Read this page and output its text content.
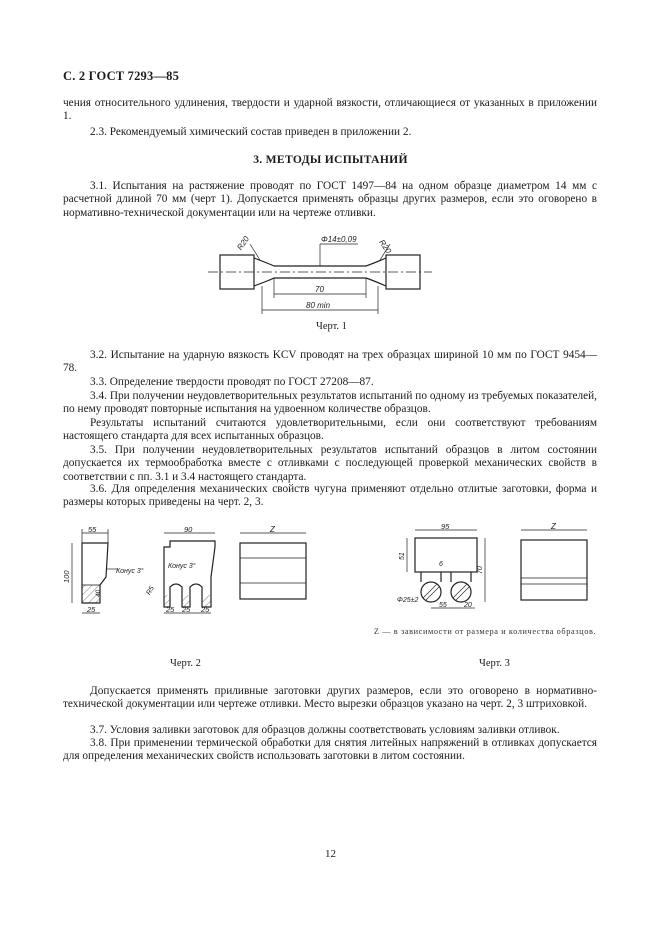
С. 2 ГОСТ 7293—85
чения относительного удлинения, твердости и ударной вязкости, отличающиеся от указанных в приложении 1.
2.3. Рекомендуемый химический состав приведен в приложении 2.
3. МЕТОДЫ ИСПЫТАНИЙ
3.1. Испытания на растяжение проводят по ГОСТ 1497—84 на одном образце диаметром 14 мм с расчетной длиной 70 мм (черт 1). Допускается применять образцы других размеров, если это оговорено в нормативно-технической документации или на чертеже отливки.
R20	R20
Φ14±0,09
70
80 min
Черт. 1
3.2. Испытание на ударную вязкость KCV проводят на трех образцах шириной 10 мм по ГОСТ 9454—78.
3.3. Определение твердости проводят по ГОСТ 27208—87.
3.4. При получении неудовлетворительных результатов испытаний по одному из требуемых показателей, по нему проводят повторные испытания на удвоенном количестве образцов.
Результаты испытаний считаются удовлетворительными, если они соответствуют требованиям настоящего стандарта для всех испытанных образцов.
3.5. При получении неудовлетворительных результатов испытаний образцов в литом состоянии допускается их термообработка вместе с отливками с последующей проверкой механических свойств в соответствии с пп. 3.1 и 3.4 настоящего стандарта.
3.6. Для определения механических свойств чугуна применяют отдельно отлитые заготовки, форма и размеры которых приведены на черт. 2, 3.
55
100
25
40
Конус 3°
90
Конус 3°
R5
25 25 25
Z
Черт. 2
95
51
70
6
Φ25±2
55 20
Z
Z — в зависимости от размера и количества образцов.
Черт. 3
Допускается применять приливные заготовки других размеров, если это оговорено в нормативно-технической документации или чертеже отливки. Место вырезки образцов указано на черт. 2, 3 штриховкой.
3.7. Условия заливки заготовок для образцов должны соответствовать условиям заливки отливок.
3.8. При применении термической обработки для снятия литейных напряжений в отливках допускается для определения механических свойств использовать заготовки в литом состоянии.
12
